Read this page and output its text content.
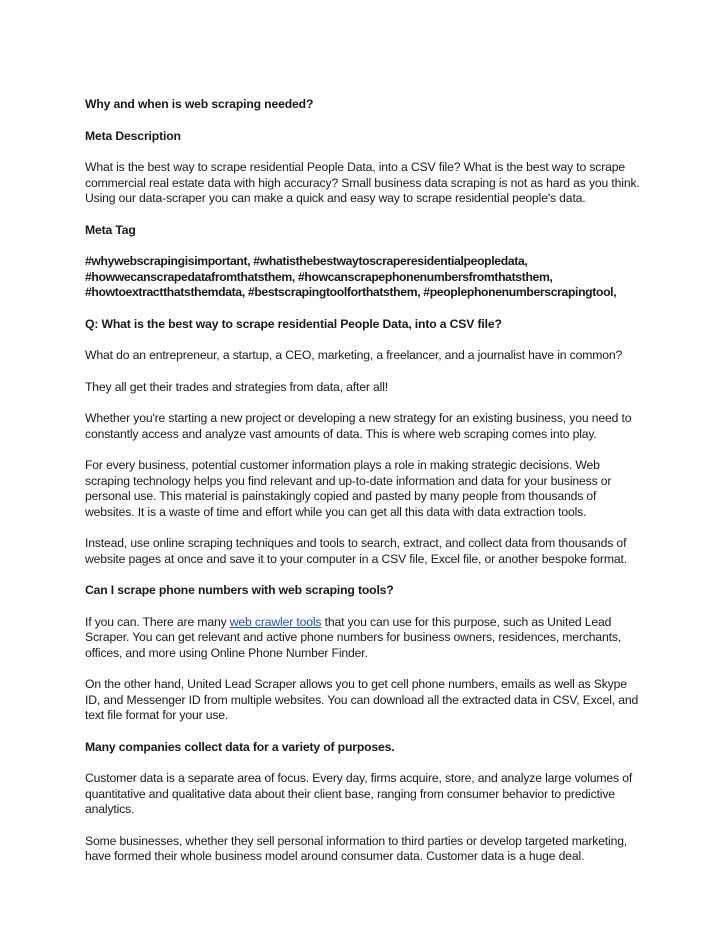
Why and when is web scraping needed?

Meta Description

What is the best way to scrape residential People Data, into a CSV file? What is the best way to scrape commercial real estate data with high accuracy? Small business data scraping is not as hard as you think. Using our data-scraper you can make a quick and easy way to scrape residential people's data.

Meta Tag

#whywebscrapingisimportant, #whatisthebestwaytoscraperesidentialpeopledata,
#howwecanscrapedatafromthatsthem, #howcanscrapephonenumbersfromthatsthem,
#howtoextractthatsthemdata, #bestscrapingtoolforthatsthem, #peoplephonenumberscrapingtool,

Q: What is the best way to scrape residential People Data, into a CSV file?

What do an entrepreneur, a startup, a CEO, marketing, a freelancer, and a journalist have in common?

They all get their trades and strategies from data, after all!

Whether you're starting a new project or developing a new strategy for an existing business, you need to constantly access and analyze vast amounts of data. This is where web scraping comes into play.

For every business, potential customer information plays a role in making strategic decisions. Web scraping technology helps you find relevant and up-to-date information and data for your business or personal use. This material is painstakingly copied and pasted by many people from thousands of websites. It is a waste of time and effort while you can get all this data with data extraction tools.

Instead, use online scraping techniques and tools to search, extract, and collect data from thousands of website pages at once and save it to your computer in a CSV file, Excel file, or another bespoke format.

Can I scrape phone numbers with web scraping tools?

If you can. There are many web crawler tools that you can use for this purpose, such as United Lead Scraper. You can get relevant and active phone numbers for business owners, residences, merchants, offices, and more using Online Phone Number Finder.

On the other hand, United Lead Scraper allows you to get cell phone numbers, emails as well as Skype ID, and Messenger ID from multiple websites. You can download all the extracted data in CSV, Excel, and text file format for your use.

Many companies collect data for a variety of purposes.

Customer data is a separate area of focus. Every day, firms acquire, store, and analyze large volumes of quantitative and qualitative data about their client base, ranging from consumer behavior to predictive analytics.

Some businesses, whether they sell personal information to third parties or develop targeted marketing, have formed their whole business model around consumer data. Customer data is a huge deal.
